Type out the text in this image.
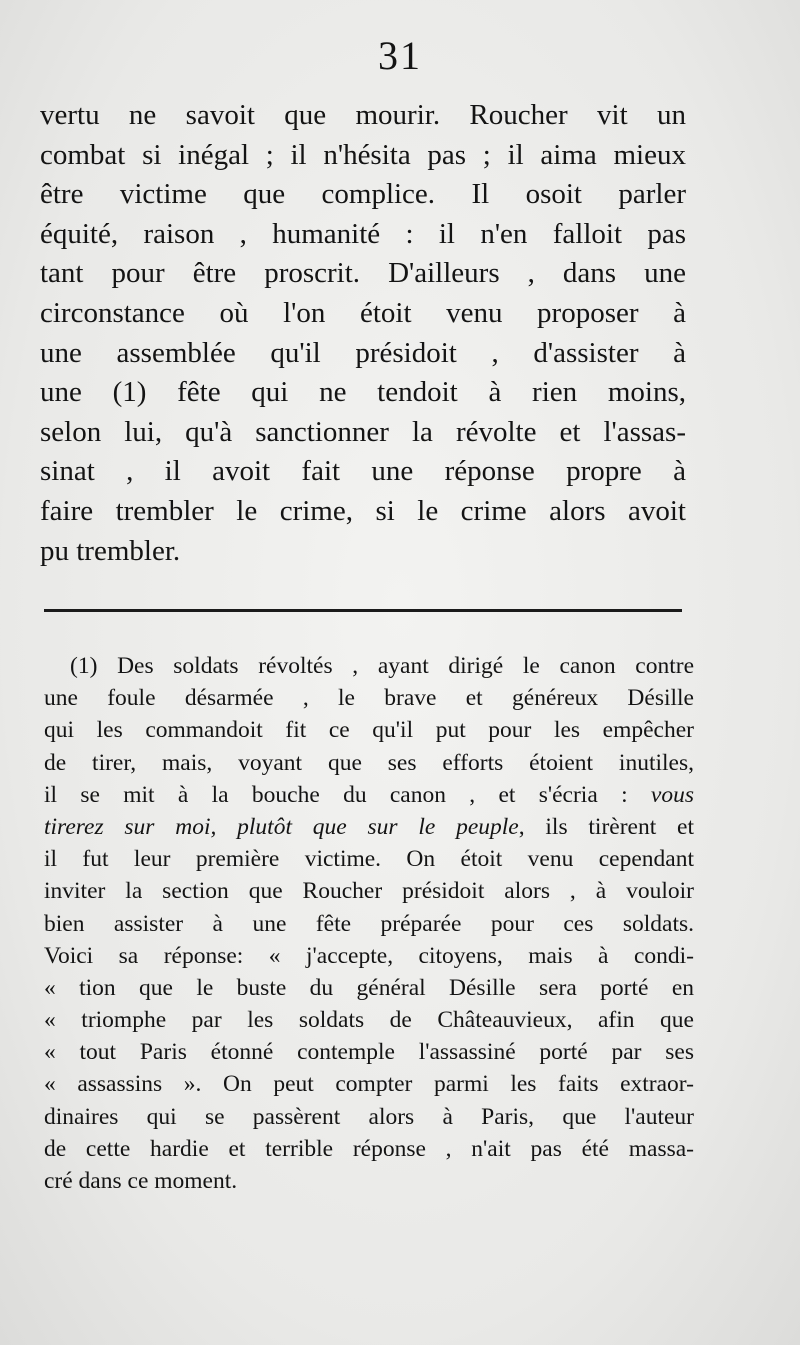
31
vertu ne savoit que mourir. Roucher vit un
combat si inégal ; il n'hésita pas ; il aima mieux
être victime que complice. Il osoit parler
équité, raison , humanité : il n'en falloit pas
tant pour être proscrit. D'ailleurs , dans une
circonstance où l'on étoit venu proposer à
une assemblée qu'il présidoit , d'assister à
une (1) fête qui ne tendoit à rien moins,
selon lui, qu'à sanctionner la révolte et l'assas-
sinat , il avoit fait une réponse propre à
faire trembler le crime, si le crime alors avoit
pu trembler.
(1) Des soldats révoltés , ayant dirigé le canon contre
une foule désarmée , le brave et généreux Désille
qui les commandoit fit ce qu'il put pour les empêcher
de tirer, mais, voyant que ses efforts étoient inutiles,
il se mit à la bouche du canon , et s'écria : vous
tirerez sur moi, plutôt que sur le peuple, ils tirèrent et
il fut leur première victime. On étoit venu cependant
inviter la section que Roucher présidoit alors , à vouloir
bien assister à une fête préparée pour ces soldats.
Voici sa réponse: « j'accepte, citoyens, mais à condi-
« tion que le buste du général Désille sera porté en
« triomphe par les soldats de Châteauvieux, afin que
« tout Paris étonné contemple l'assassiné porté par ses
« assassins ». On peut compter parmi les faits extraor-
dinaires qui se passèrent alors à Paris, que l'auteur
de cette hardie et terrible réponse , n'ait pas été massa-
cré dans ce moment.
